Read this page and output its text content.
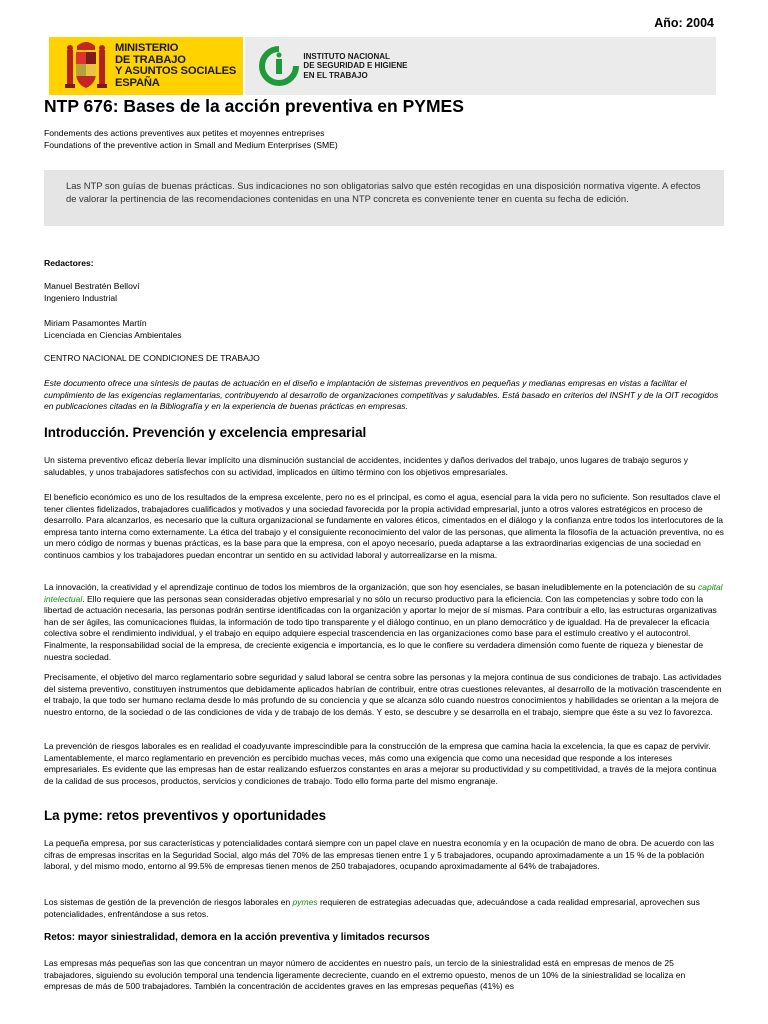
Año: 2004
MINISTERIO
DE TRABAJO
Y ASUNTOS SOCIALES
ESPAÑA
INSTITUTO NACIONAL
DE SEGURIDAD E HIGIENE
EN EL TRABAJO
NTP 676: Bases de la acción preventiva en PYMES
Fondements des actions preventives aux petites et moyennes entreprises
Foundations of the preventive action in Small and Medium Enterprises (SME)
Las NTP son guías de buenas prácticas. Sus indicaciones no son obligatorias salvo que estén recogidas en una disposición normativa vigente. A efectos de valorar la pertinencia de las recomendaciones contenidas en una NTP concreta es conveniente tener en cuenta su fecha de edición.
Redactores:
Manuel Bestratén Belloví
Ingeniero Industrial
Miriam Pasamontes Martín
Licenciada en Ciencias Ambientales
CENTRO NACIONAL DE CONDICIONES DE TRABAJO
Este documento ofrece una síntesis de pautas de actuación en el diseño e implantación de sistemas preventivos en pequeñas y medianas empresas en vistas a facilitar el cumplimiento de las exigencias reglamentarias, contribuyendo al desarrollo de organizaciones competitivas y saludables. Está basado en criterios del INSHT y de la OIT recogidos en publicaciones citadas en la Bibliografía y en la experiencia de buenas prácticas en empresas.
Introducción. Prevención y excelencia empresarial
Un sistema preventivo eficaz debería llevar implícito una disminución sustancial de accidentes, incidentes y daños derivados del trabajo, unos lugares de trabajo seguros y saludables, y unos trabajadores satisfechos con su actividad, implicados en último término con los objetivos empresariales.
El beneficio económico es uno de los resultados de la empresa excelente, pero no es el principal, es como el agua, esencial para la vida pero no suficiente. Son resultados clave el tener clientes fidelizados, trabajadores cualificados y motivados y una sociedad favorecida por la propia actividad empresarial, junto a otros valores estratégicos en proceso de desarrollo. Para alcanzarlos, es necesario que la cultura organizacional se fundamente en valores éticos, cimentados en el diálogo y la confianza entre todos los interlocutores de la empresa tanto interna como externamente. La ética del trabajo y el consiguiente reconocimiento del valor de las personas, que alimenta la filosofía de la actuación preventiva, no es un mero código de normas y buenas prácticas, es la base para que la empresa, con el apoyo necesario, pueda adaptarse a las extraordinarias exigencias de una sociedad en continuos cambios y los trabajadores puedan encontrar un sentido en su actividad laboral y autorrealizarse en la misma.

La innovación, la creatividad y el aprendizaje continuo de todos los miembros de la organización, que son hoy esenciales, se basan ineludiblemente en la potenciación de su capital intelectual. Ello requiere que las personas sean consideradas objetivo empresarial y no sólo un recurso productivo para la eficiencia. Con las competencias y sobre todo con la libertad de actuación necesaria, las personas podrán sentirse identificadas con la organización y aportar lo mejor de sí mismas. Para contribuir a ello, las estructuras organizativas han de ser ágiles, las comunicaciones fluidas, la información de todo tipo transparente y el diálogo continuo, en un plano democrático y de igualdad. Ha de prevalecer la eficacia colectiva sobre el rendimiento individual, y el trabajo en equipo adquiere especial trascendencia en las organizaciones como base para el estímulo creativo y el autocontrol. Finalmente, la responsabilidad social de la empresa, de creciente exigencia e importancia, es lo que le confiere su verdadera dimensión como fuente de riqueza y bienestar de nuestra sociedad.

Precisamente, el objetivo del marco reglamentario sobre seguridad y salud laboral se centra sobre las personas y la mejora continua de sus condiciones de trabajo. Las actividades del sistema preventivo, constituyen instrumentos que debidamente aplicados habrían de contribuir, entre otras cuestiones relevantes, al desarrollo de la motivación trascendente en el trabajo, la que todo ser humano reclama desde lo más profundo de su conciencia y que se alcanza sólo cuando nuestros conocimientos y habilidades se orientan a la mejora de nuestro entorno, de la sociedad o de las condiciones de vida y de trabajo de los demás. Y esto, se descubre y se desarrolla en el trabajo, siempre que éste a su vez lo favorezca.
La prevención de riesgos laborales es en realidad el coadyuvante imprescindible para la construcción de la empresa que camina hacia la excelencia, la que es capaz de pervivir. Lamentablemente, el marco reglamentario en prevención es percibido muchas veces, más como una exigencia que como una necesidad que responde a los intereses empresariales. Es evidente que las empresas han de estar realizando esfuerzos constantes en aras a mejorar su productividad y su competitividad, a través de la mejora continua de la calidad de sus procesos, productos, servicios y condiciones de trabajo. Todo ello forma parte del mismo engranaje.
La pyme: retos preventivos y oportunidades
La pequeña empresa, por sus características y potencialidades contará siempre con un papel clave en nuestra economía y en la ocupación de mano de obra. De acuerdo con las cifras de empresas inscritas en la Seguridad Social, algo más del 70% de las empresas tienen entre 1 y 5 trabajadores, ocupando aproximadamente a un 15 % de la población laboral, y del mismo modo, entorno al 99.5% de empresas tienen menos de 250 trabajadores, ocupando aproximadamente al 64% de trabajadores.

Los sistemas de gestión de la prevención de riesgos laborales en pymes requieren de estrategias adecuadas que, adecuándose a cada realidad empresarial, aprovechen sus potencialidades, enfrentándose a sus retos.

Retos: mayor siniestralidad, demora en la acción preventiva y limitados recursos
Las empresas más pequeñas son las que concentran un mayor número de accidentes en nuestro país, un tercio de la siniestralidad está en empresas de menos de 25 trabajadores, siguiendo su evolución temporal una tendencia ligeramente decreciente, cuando en el extremo opuesto, menos de un 10% de la siniestralidad se localiza en empresas de más de 500 trabajadores. También la concentración de accidentes graves en las empresas pequeñas (41%) es
